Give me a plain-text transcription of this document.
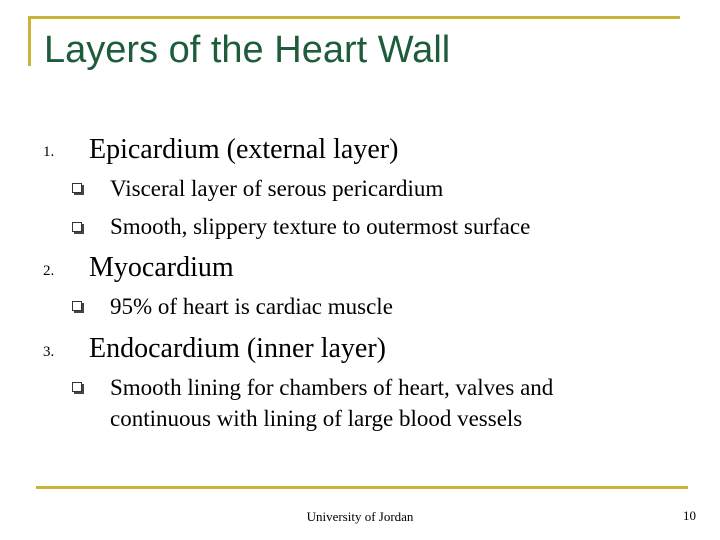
Layers of the Heart Wall
1. Epicardium (external layer)
Visceral layer of serous pericardium
Smooth, slippery texture to outermost surface
2. Myocardium
95% of heart is cardiac muscle
3. Endocardium (inner layer)
Smooth lining for chambers of heart, valves and
continuous with lining of large blood vessels
University of Jordan	10
